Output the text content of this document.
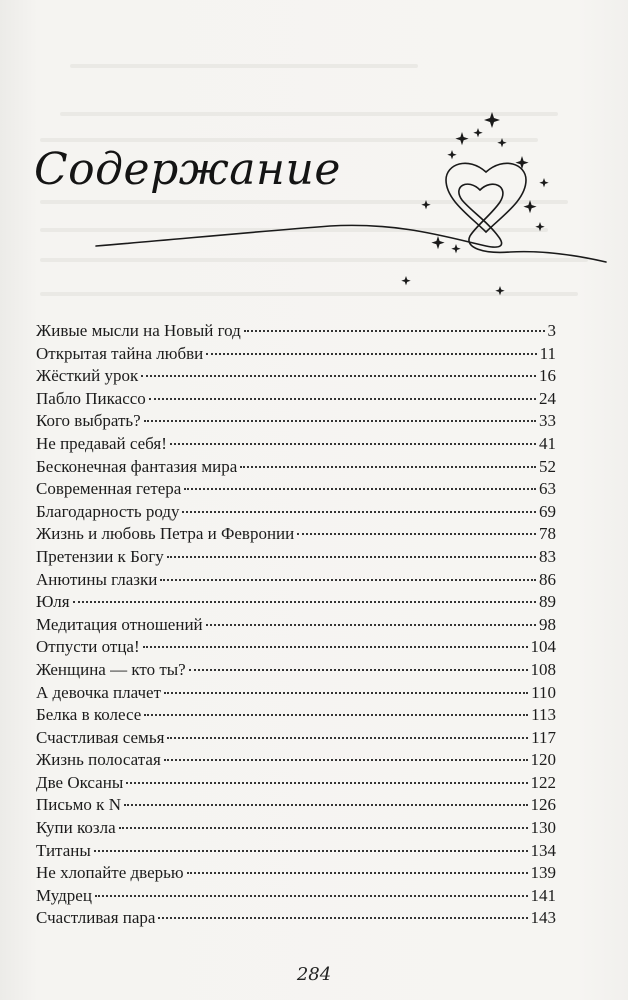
Содержание
Живые мысли на Новый год	3
Открытая тайна любви	11
Жёсткий урок	16
Пабло Пикассо	24
Кого выбрать?	33
Не предавай себя!	41
Бесконечная фантазия мира	52
Современная гетера	63
Благодарность роду	69
Жизнь и любовь Петра и Февронии	78
Претензии к Богу	83
Анютины глазки	86
Юля	89
Медитация отношений	98
Отпусти отца!	104
Женщина — кто ты?	108
А девочка плачет	110
Белка в колесе	113
Счастливая семья	117
Жизнь полосатая	120
Две Оксаны	122
Письмо к N	126
Купи козла	130
Титаны	134
Не хлопайте дверью	139
Мудрец	141
Счастливая пара	143
284
